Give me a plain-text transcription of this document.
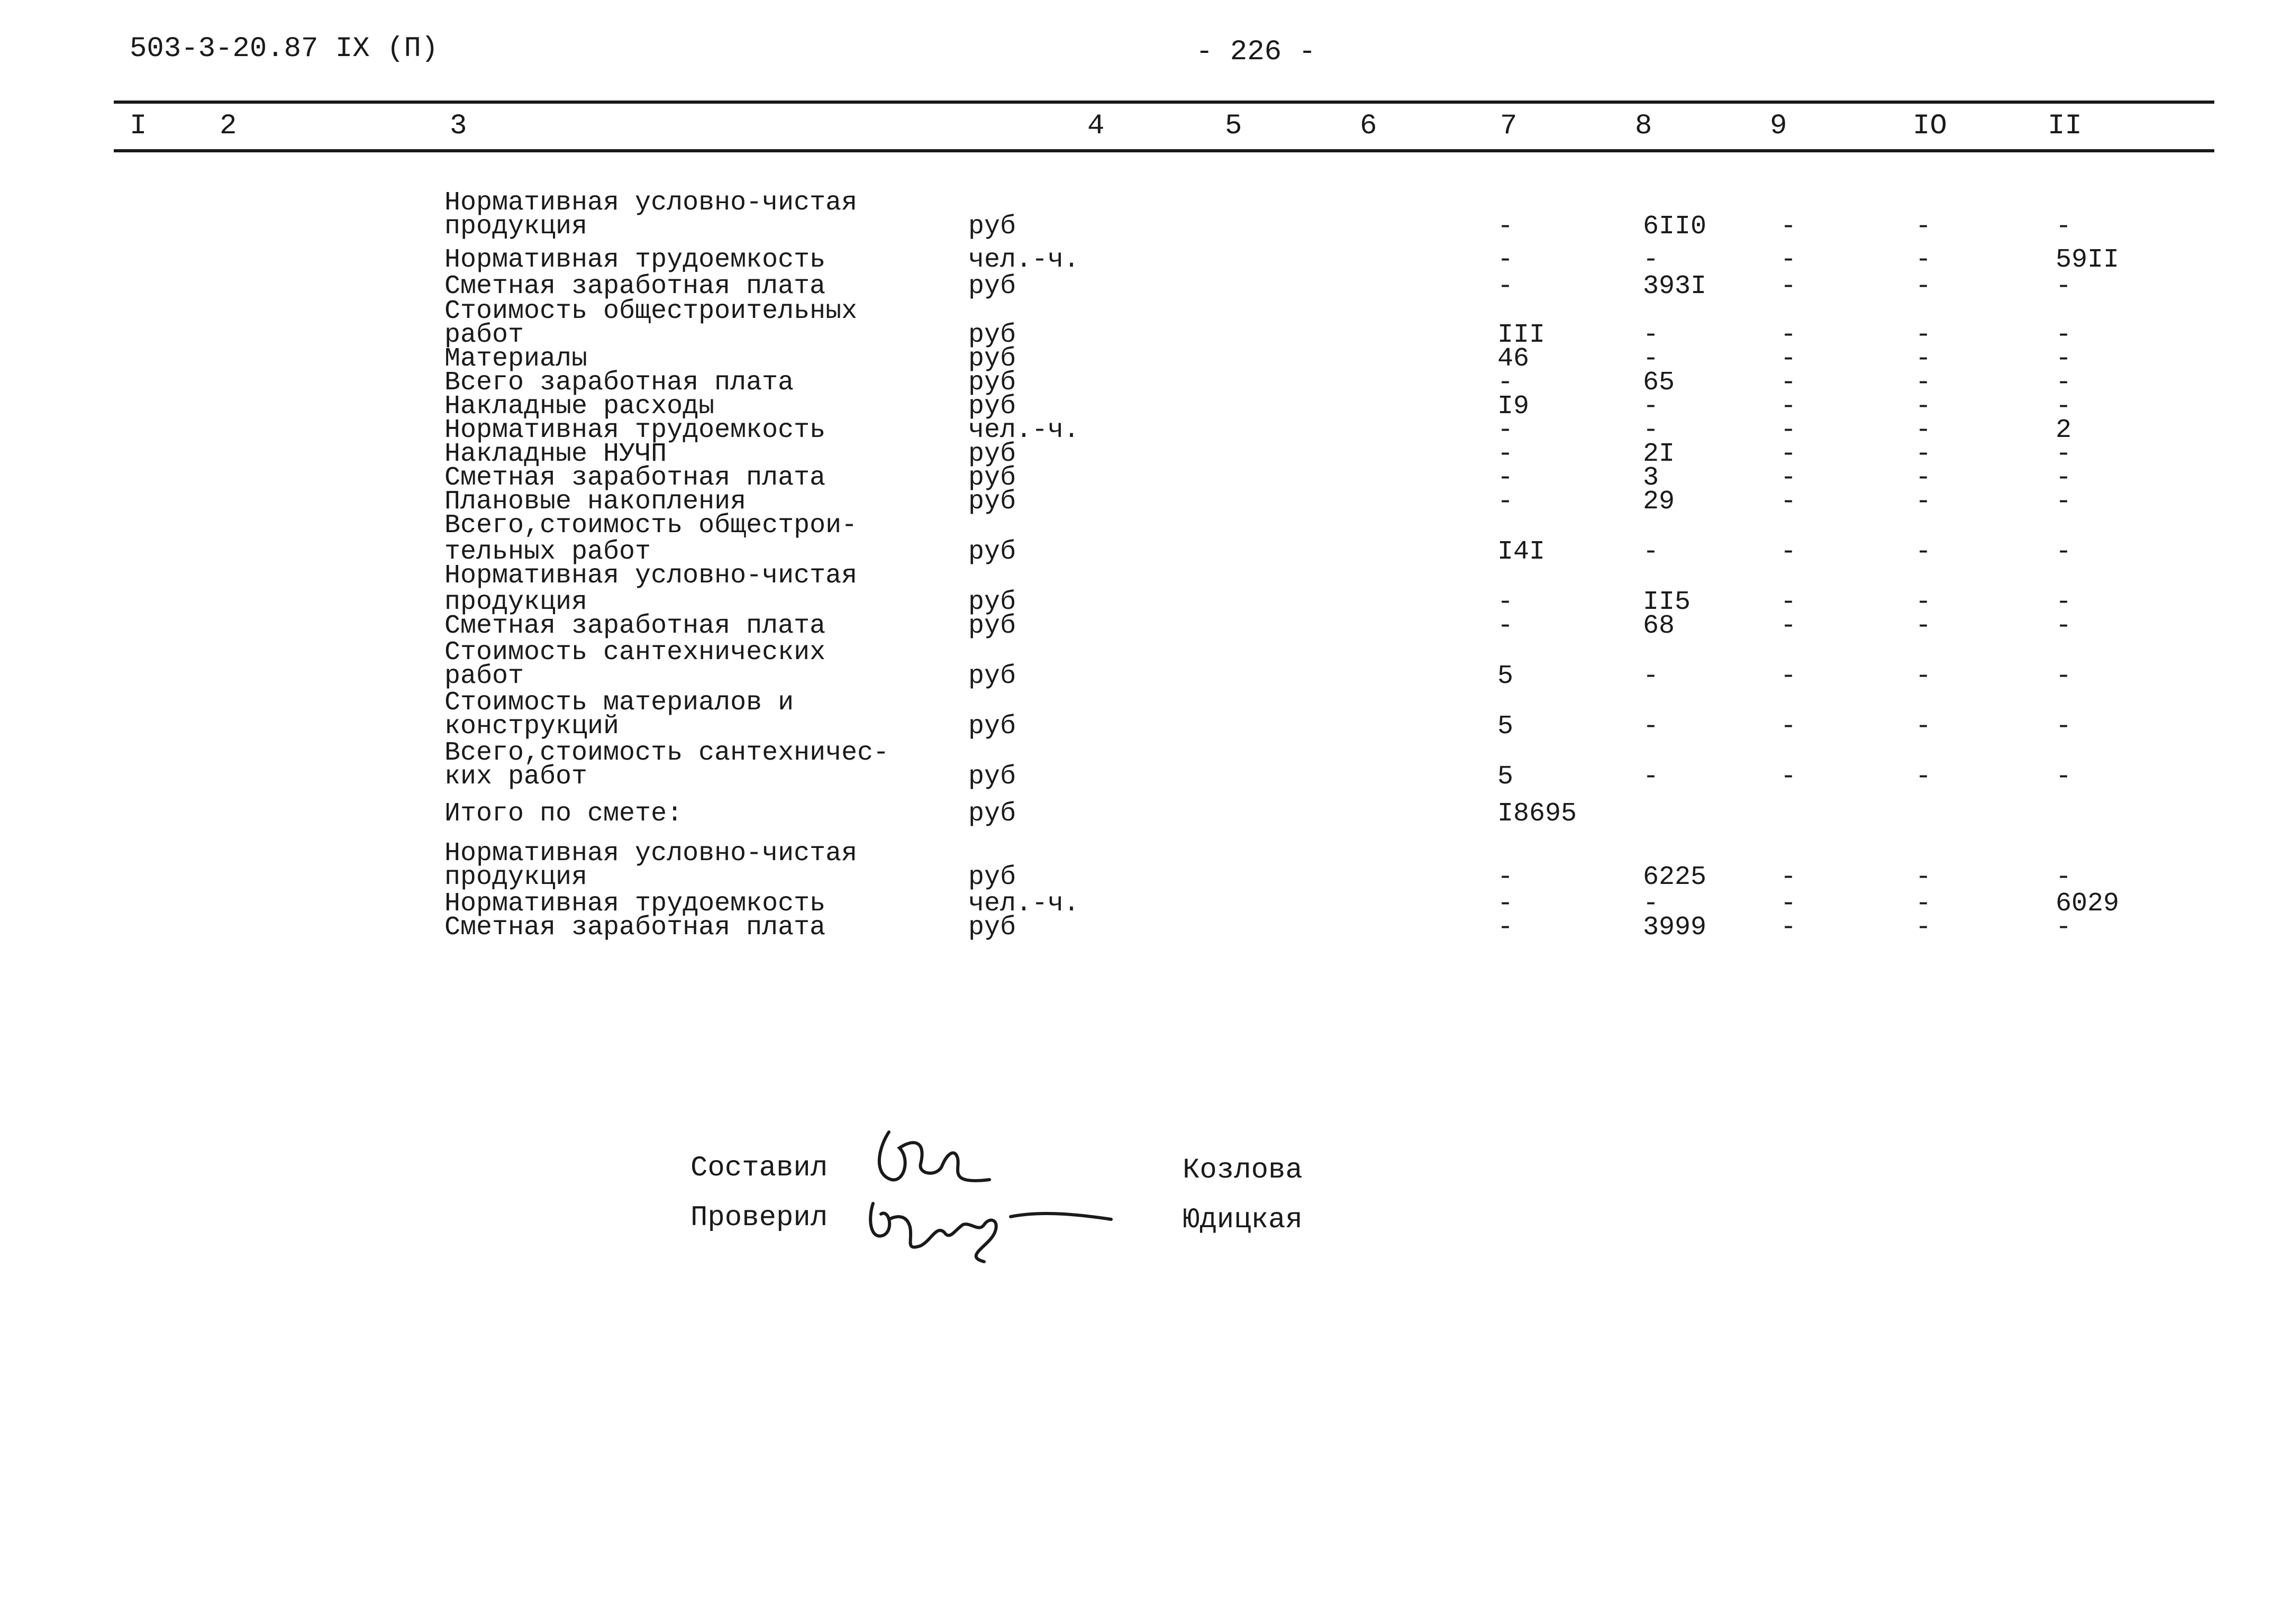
503-3-20.87 IX (П)	- 226 -
I	2	3	4	5	6	7	8	9	IO	II
Нормативная условно-чистая
продукция	руб	-	6II0	-	-	-
Нормативная трудоемкость	чел.-ч.	-	-	-	-	59II
Сметная заработная плата	руб	-	393I	-	-	-
Стоимость общестроительных
работ	руб	III	-	-	-	-
Материалы	руб	46	-	-	-	-
Всего заработная плата	руб	-	65	-	-	-
Накладные расходы	руб	I9	-	-	-	-
Нормативная трудоемкость	чел.-ч.	-	-	-	-	2
Накладные НУЧП	руб	-	2I	-	-	-
Сметная заработная плата	руб	-	3	-	-	-
Плановые накопления	руб	-	29	-	-	-
Всего,стоимость общестрои-
тельных работ	руб	I4I	-	-	-	-
Нормативная условно-чистая
продукция	руб	-	II5	-	-	-
Сметная заработная плата	руб	-	68	-	-	-
Стоимость сантехнических
работ	руб	5	-	-	-	-
Стоимость материалов и
конструкций	руб	5	-	-	-	-
Всего,стоимость сантехничес-
ких работ	руб	5	-	-	-	-
Итого по смете:	руб	I8695
Нормативная условно-чистая
продукция	руб	-	6225	-	-	-
Нормативная трудоемкость	чел.-ч.	-	-	-	-	6029
Сметная заработная плата	руб	-	3999	-	-	-
Составил	Козлова
Проверил	Юдицкая
